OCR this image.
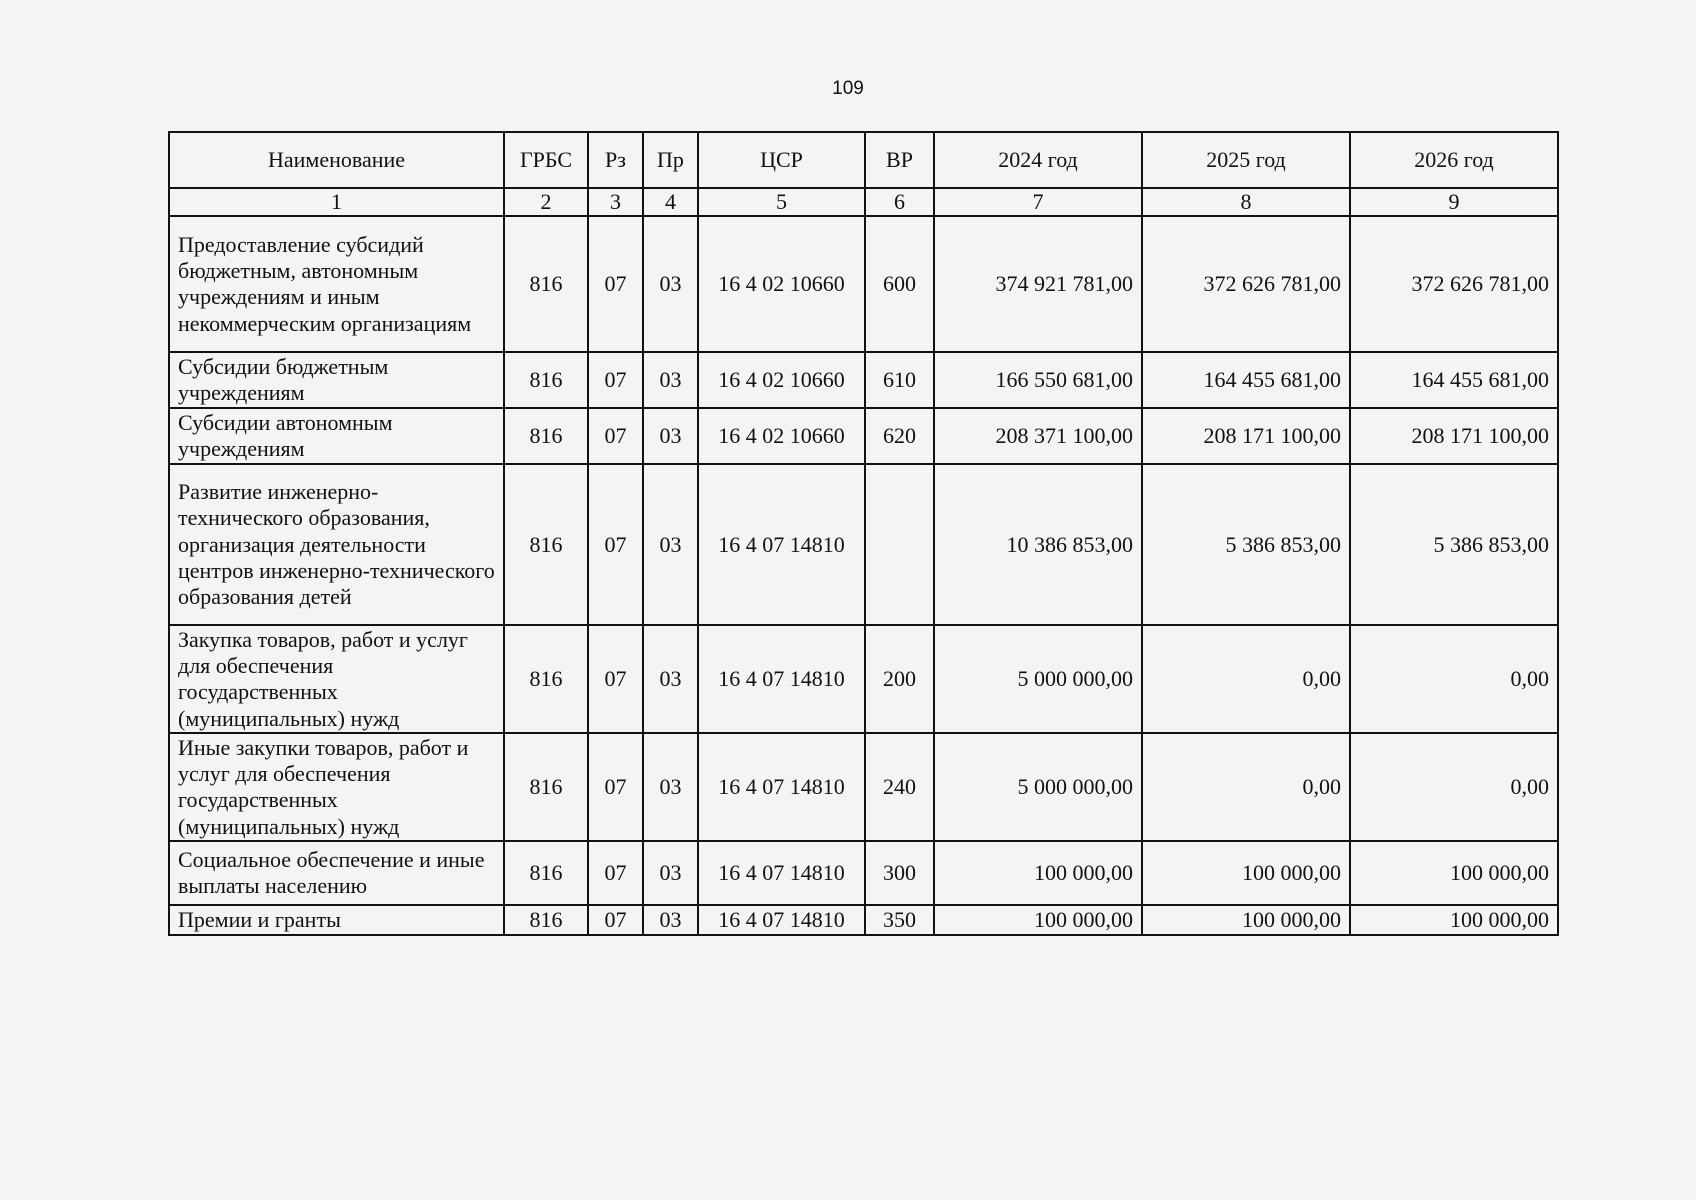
109
Наименование	ГРБС	Рз	Пр	ЦСР	ВР	2024 год	2025 год	2026 год
1	2	3	4	5	6	7	8	9
Предоставление субсидий бюджетным, автономным учреждениям и иным некоммерческим организациям	816	07	03	16 4 02 10660	600	374 921 781,00	372 626 781,00	372 626 781,00
Субсидии бюджетным учреждениям	816	07	03	16 4 02 10660	610	166 550 681,00	164 455 681,00	164 455 681,00
Субсидии автономным учреждениям	816	07	03	16 4 02 10660	620	208 371 100,00	208 171 100,00	208 171 100,00
Развитие инженерно-технического образования, организация деятельности центров инженерно-технического образования детей	816	07	03	16 4 07 14810		10 386 853,00	5 386 853,00	5 386 853,00
Закупка товаров, работ и услуг для обеспечения государственных (муниципальных) нужд	816	07	03	16 4 07 14810	200	5 000 000,00	0,00	0,00
Иные закупки товаров, работ и услуг для обеспечения государственных (муниципальных) нужд	816	07	03	16 4 07 14810	240	5 000 000,00	0,00	0,00
Социальное обеспечение и иные выплаты населению	816	07	03	16 4 07 14810	300	100 000,00	100 000,00	100 000,00
Премии и гранты	816	07	03	16 4 07 14810	350	100 000,00	100 000,00	100 000,00
